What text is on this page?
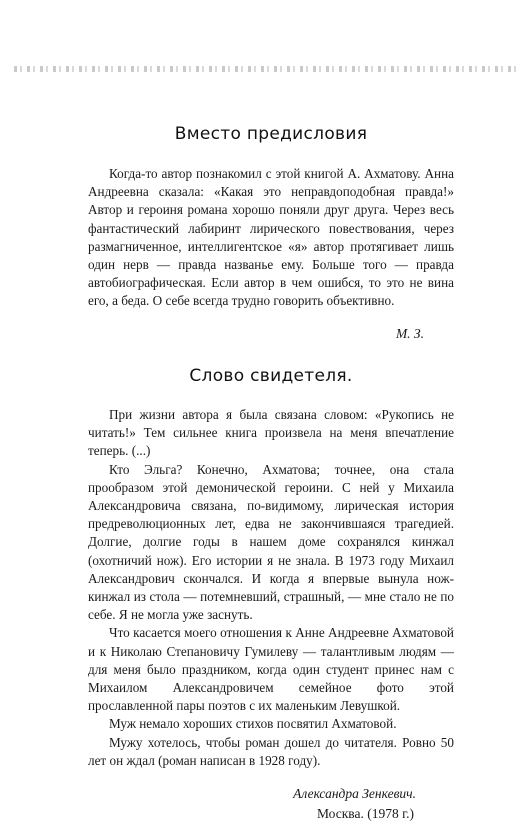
Вместо предисловия

Когда-то автор познакомил с этой книгой А. Ахматову. Анна Андреевна сказала: «Какая это неправдоподобная правда!» Автор и героиня романа хорошо поняли друг друга. Через весь фантастический лабиринт лирического повествования, через размагниченное, интеллигентское «я» автор протягивает лишь один нерв — правда названье ему. Больше того — правда автобиографическая. Если автор в чем ошибся, то это не вина его, а беда. О себе всегда трудно говорить объективно.

М. З.
Слово свидетеля.

При жизни автора я была связана словом: «Рукопись не читать!» Тем сильнее книга произвела на меня впечатление теперь. (...)

Кто Эльга? Конечно, Ахматова; точнее, она стала прообразом этой демонической героини. С ней у Михаила Александровича связана, по-видимому, лирическая история предреволюционных лет, едва не закончившаяся трагедией. Долгие, долгие годы в нашем доме сохранялся кинжал (охотничий нож). Его истории я не знала. В 1973 году Михаил Александрович скончался. И когда я впервые вынула нож-кинжал из стола — потемневший, страшный, — мне стало не по себе. Я не могла уже заснуть.

Что касается моего отношения к Анне Андреевне Ахматовой и к Николаю Степановичу Гумилеву — талантливым людям — для меня было праздником, когда один студент принес нам с Михаилом Александровичем семейное фото этой прославленной пары поэтов с их маленьким Левушкой.

Муж немало хороших стихов посвятил Ахматовой.

Мужу хотелось, чтобы роман дошел до читателя. Ровно 50 лет он ждал (роман написан в 1928 году).

Александра Зенкевич.
Москва. (1978 г.)
